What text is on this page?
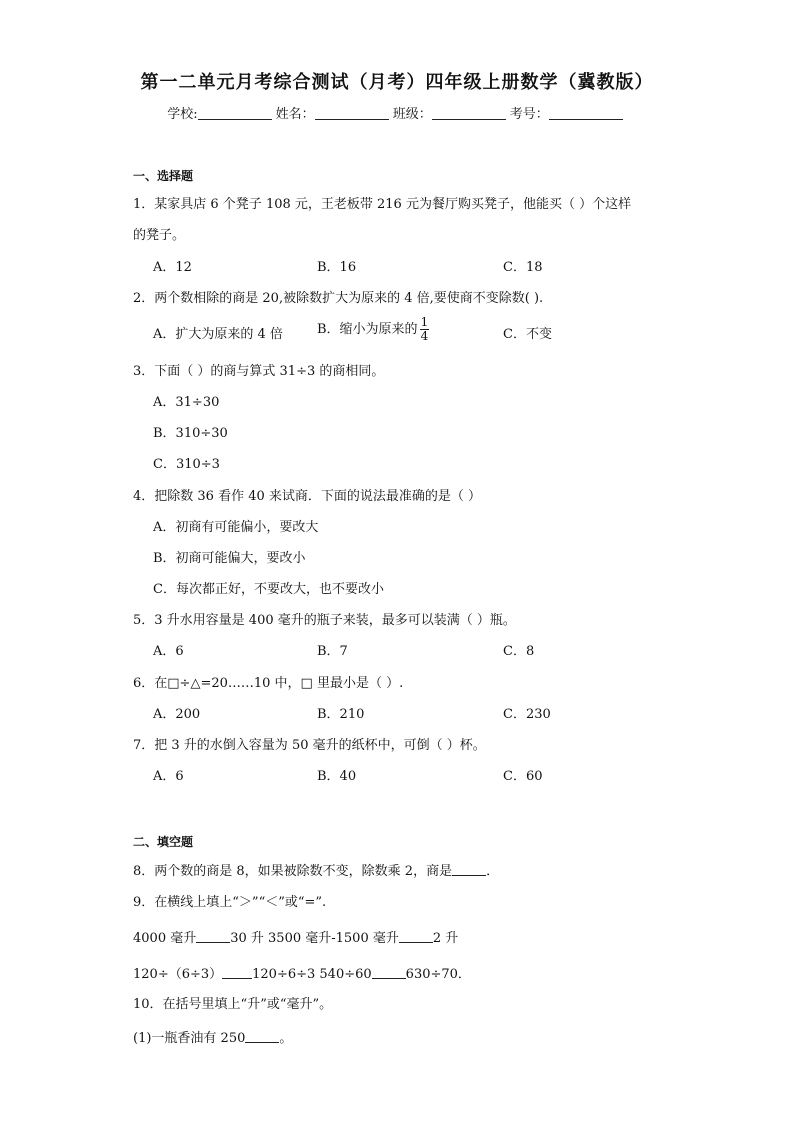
第一二单元月考综合测试（月考）四年级上册数学（冀教版）
学校:	姓名：	班级：	考号：
一、选择题
1．某家具店 6 个凳子 108 元，王老板带 216 元为餐厅购买凳子，他能买（ ）个这样
的凳子。
A．12	B．16	C．18
2．两个数相除的商是 20,被除数扩大为原来的 4 倍,要使商不变除数( ).
A．扩大为原来的 4 倍	B．缩小为原来的 $\frac{1}{4}$	C．不变
3．下面（ ）的商与算式 31÷3 的商相同。
A．31÷30
B．310÷30
C．310÷3
4．把除数 36 看作 40 来试商．下面的说法最准确的是（ ）
A．初商有可能偏小，要改大
B．初商可能偏大，要改小
C．每次都正好，不要改大，也不要改小
5．3 升水用容量是 400 毫升的瓶子来装，最多可以装满（ ）瓶。
A．6	B．7	C．8
6．在□÷△=20……10 中，□ 里最小是（ ）.
A．200	B．210	C．230
7．把 3 升的水倒入容量为 50 毫升的纸杯中，可倒（ ）杯。
A．6	B．40	C．60
二、填空题
8．两个数的商是 8，如果被除数不变，除数乘 2，商是	．
9．在横线上填上“＞”“＜”或“=”.
4000 毫升	30 升 3500 毫升-1500 毫升	2 升
120÷（6÷3） 120÷6÷3 540÷60	630÷70．
10．在括号里填上“升”或“毫升”。
(1)一瓶香油有 250	。
